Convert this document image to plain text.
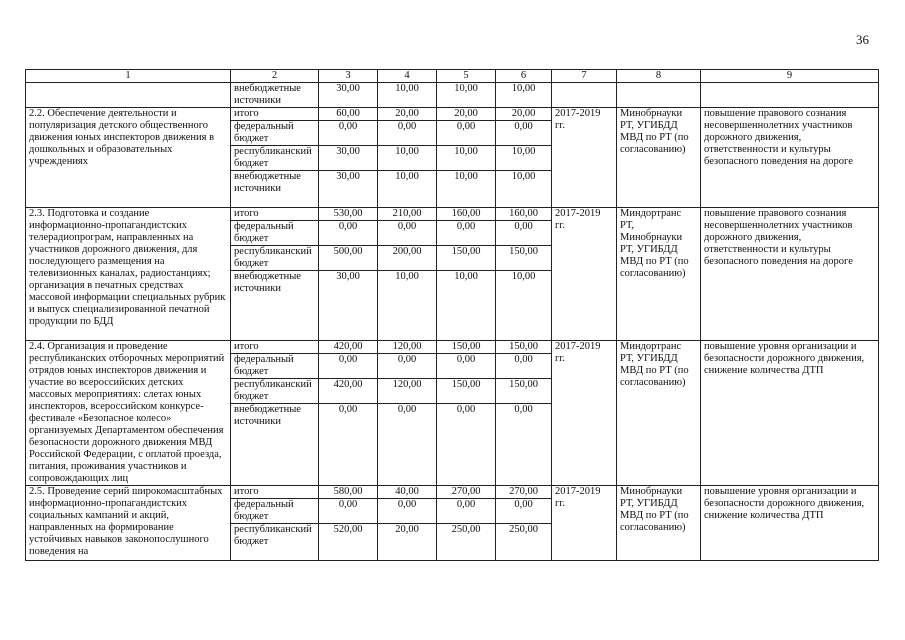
36
1	2	3	4	5	6	7	8	9
	внебюджетные источники	30,00	10,00	10,00	10,00			
2.2. Обеспечение деятельности и популяризация детского общественного движения юных инспекторов движения в дошкольных и образовательных учреждениях	итого	60,00	20,00	20,00	20,00	2017-2019 гг.	Минобрнауки РТ, УГИБДД МВД по РТ (по согласованию)	повышение правового сознания несовершеннолетних участников дорожного движения, ответственности и культуры безопасного поведения на дороге
	федеральный бюджет	0,00	0,00	0,00	0,00			
	республиканский бюджет	30,00	10,00	10,00	10,00			
	внебюджетные источники	30,00	10,00	10,00	10,00			
2.3. Подготовка и создание информационно-пропагандистских телерадиопрограм, направленных на участников дорожного движения, для последующего размещения на телевизионных каналах, радиостанциях; организация в печатных средствах массовой информации специальных рубрик и выпуск специализированной печатной продукции по БДД	итого	530,00	210,00	160,00	160,00	2017-2019 гг.	Миндортранс РТ, Минобрнауки РТ, УГИБДД МВД по РТ (по согласованию)	повышение правового сознания несовершеннолетних участников дорожного движения, ответственности и культуры безопасного поведения на дороге
	федеральный бюджет	0,00	0,00	0,00	0,00			
	республиканский бюджет	500,00	200,00	150,00	150,00			
	внебюджетные источники	30,00	10,00	10,00	10,00			
2.4. Организация и проведение республиканских отборочных мероприятий отрядов юных инспекторов движения и участие во всероссийских детских массовых мероприятиях: слетах юных инспекторов, всероссийском конкурсе-фестивале «Безопасное колесо» организуемых Департаментом обеспечения безопасности дорожного движения МВД Российской Федерации, с оплатой проезда, питания, проживания участников и сопровождающих лиц	итого	420,00	120,00	150,00	150,00	2017-2019 гг.	Миндортранс РТ, УГИБДД МВД по РТ (по согласованию)	повышение уровня организации и безопасности дорожного движения, снижение количества ДТП
	федеральный бюджет	0,00	0,00	0,00	0,00			
	республиканский бюджет	420,00	120,00	150,00	150,00			
	внебюджетные источники	0,00	0,00	0,00	0,00			
2.5. Проведение серий широкомасштабных информационно-пропагандистских социальных кампаний и акций, направленных на формирование устойчивых навыков законопослушного поведения на	итого	580,00	40,00	270,00	270,00	2017-2019 гг.	Минобрнауки РТ, УГИБДД МВД по РТ (по согласованию)	повышение уровня организации и безопасности дорожного движения, снижение количества ДТП
	федеральный бюджет	0,00	0,00	0,00	0,00			
	республиканский бюджет	520,00	20,00	250,00	250,00			
